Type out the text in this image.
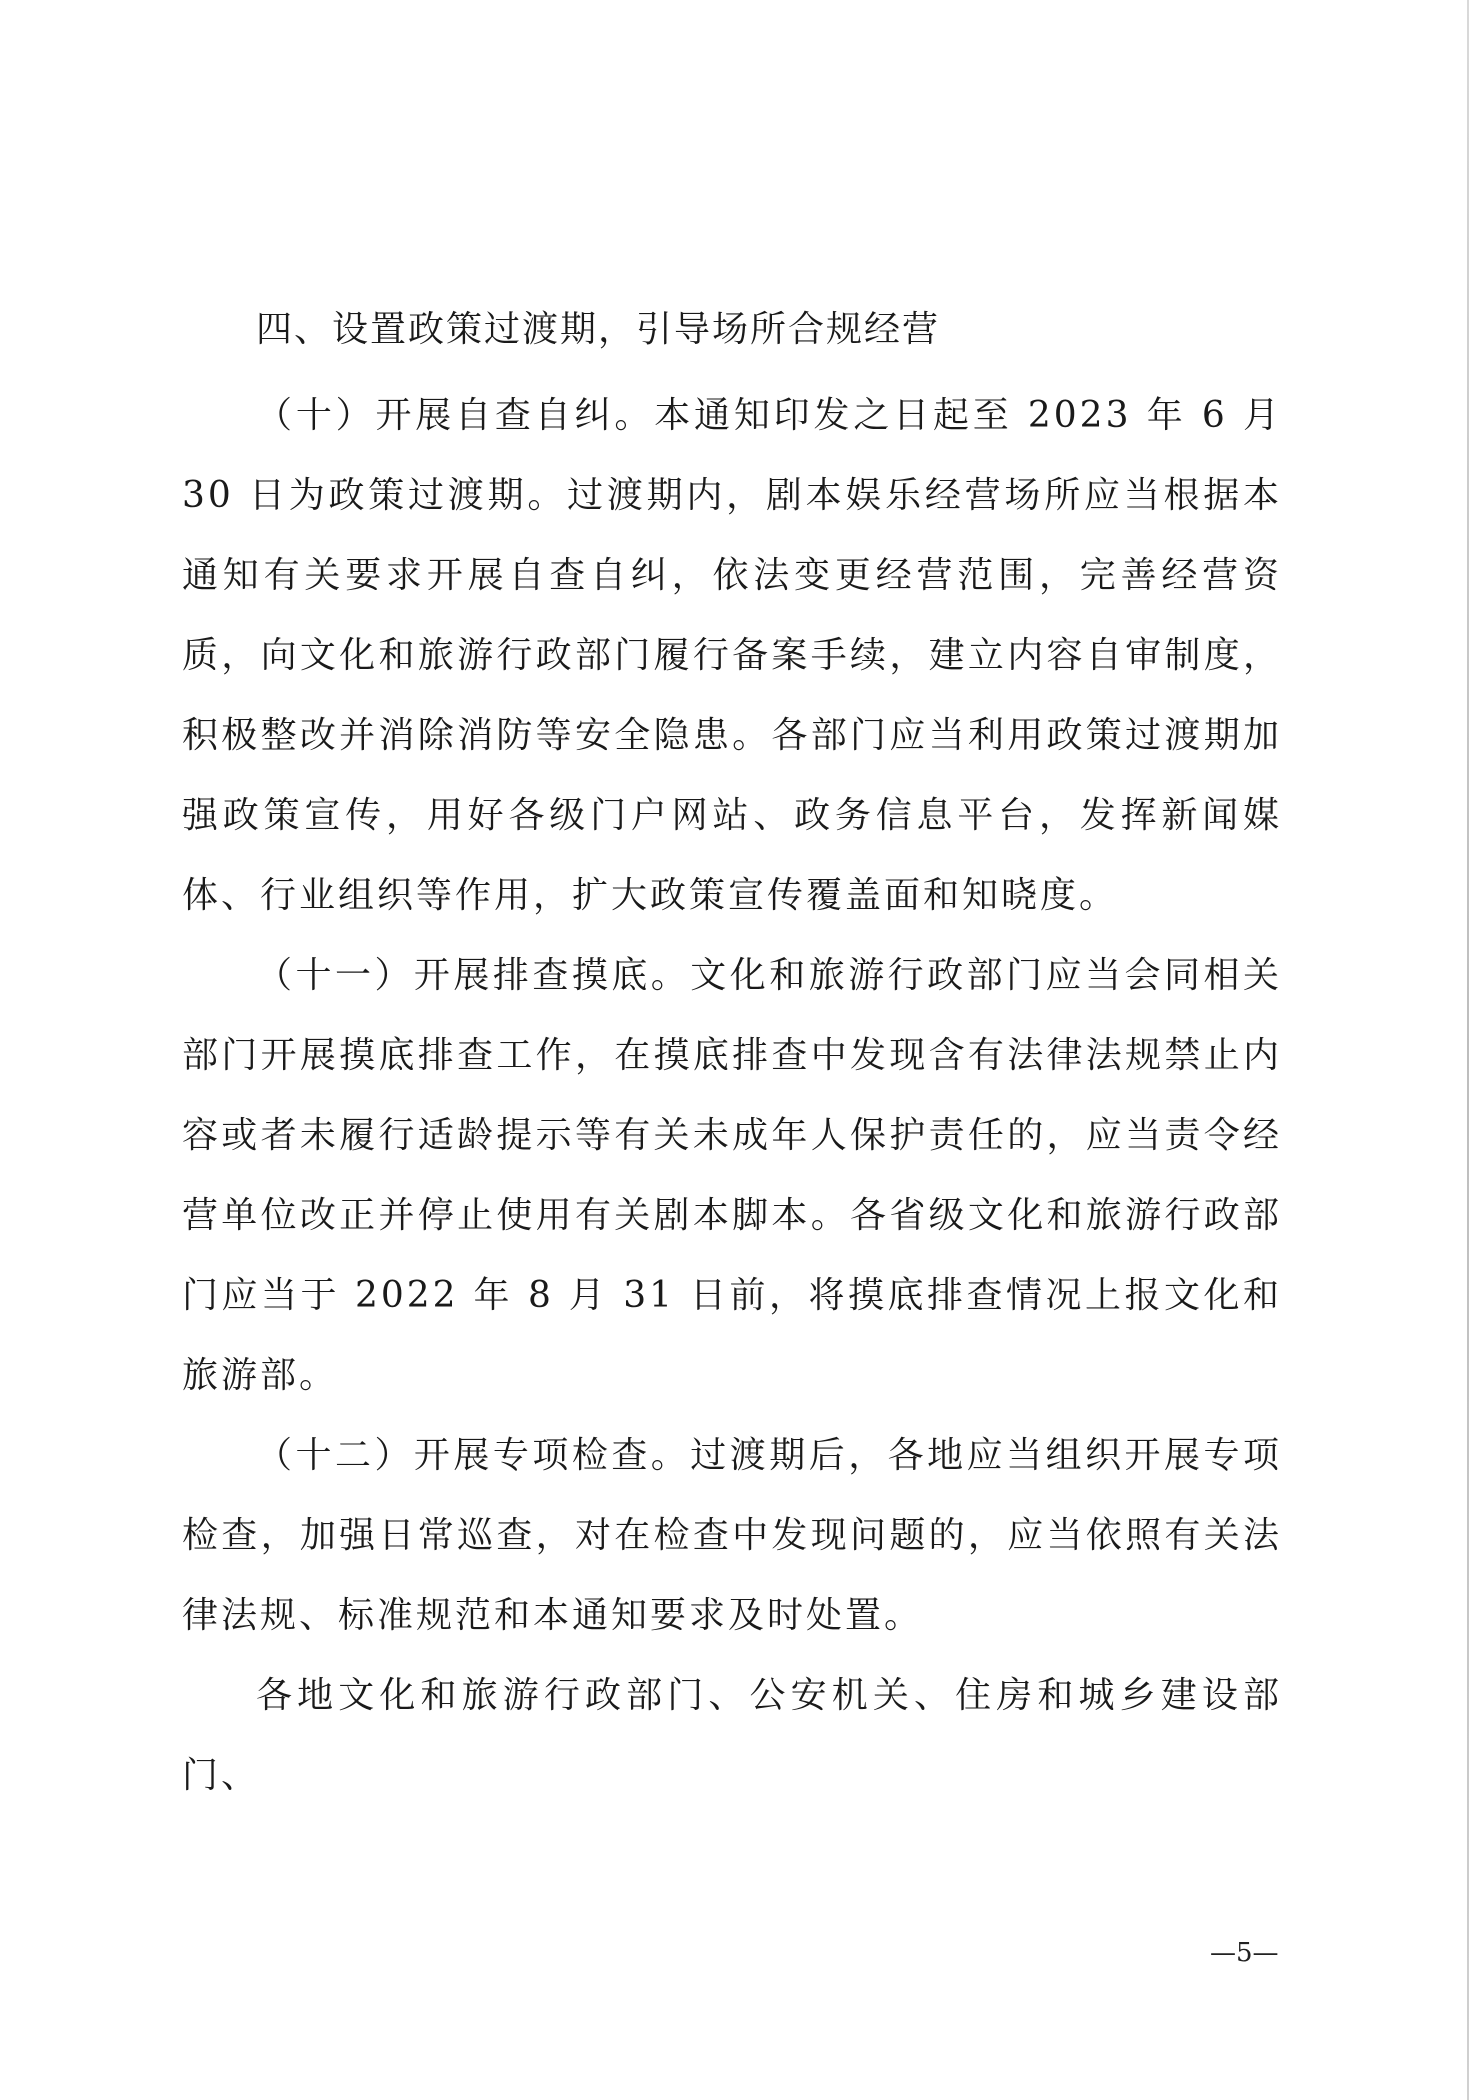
四、设置政策过渡期，引导场所合规经营

（十）开展自查自纠。本通知印发之日起至 2023 年 6 月 30 日为政策过渡期。过渡期内，剧本娱乐经营场所应当根据本通知有关要求开展自查自纠，依法变更经营范围，完善经营资质，向文化和旅游行政部门履行备案手续，建立内容自审制度，积极整改并消除消防等安全隐患。各部门应当利用政策过渡期加强政策宣传，用好各级门户网站、政务信息平台，发挥新闻媒体、行业组织等作用，扩大政策宣传覆盖面和知晓度。

（十一）开展排查摸底。文化和旅游行政部门应当会同相关部门开展摸底排查工作，在摸底排查中发现含有法律法规禁止内容或者未履行适龄提示等有关未成年人保护责任的，应当责令经营单位改正并停止使用有关剧本脚本。各省级文化和旅游行政部门应当于 2022 年 8 月 31 日前，将摸底排查情况上报文化和旅游部。

（十二）开展专项检查。过渡期后，各地应当组织开展专项检查，加强日常巡查，对在检查中发现问题的，应当依照有关法律法规、标准规范和本通知要求及时处置。

各地文化和旅游行政部门、公安机关、住房和城乡建设部门、

—5—
